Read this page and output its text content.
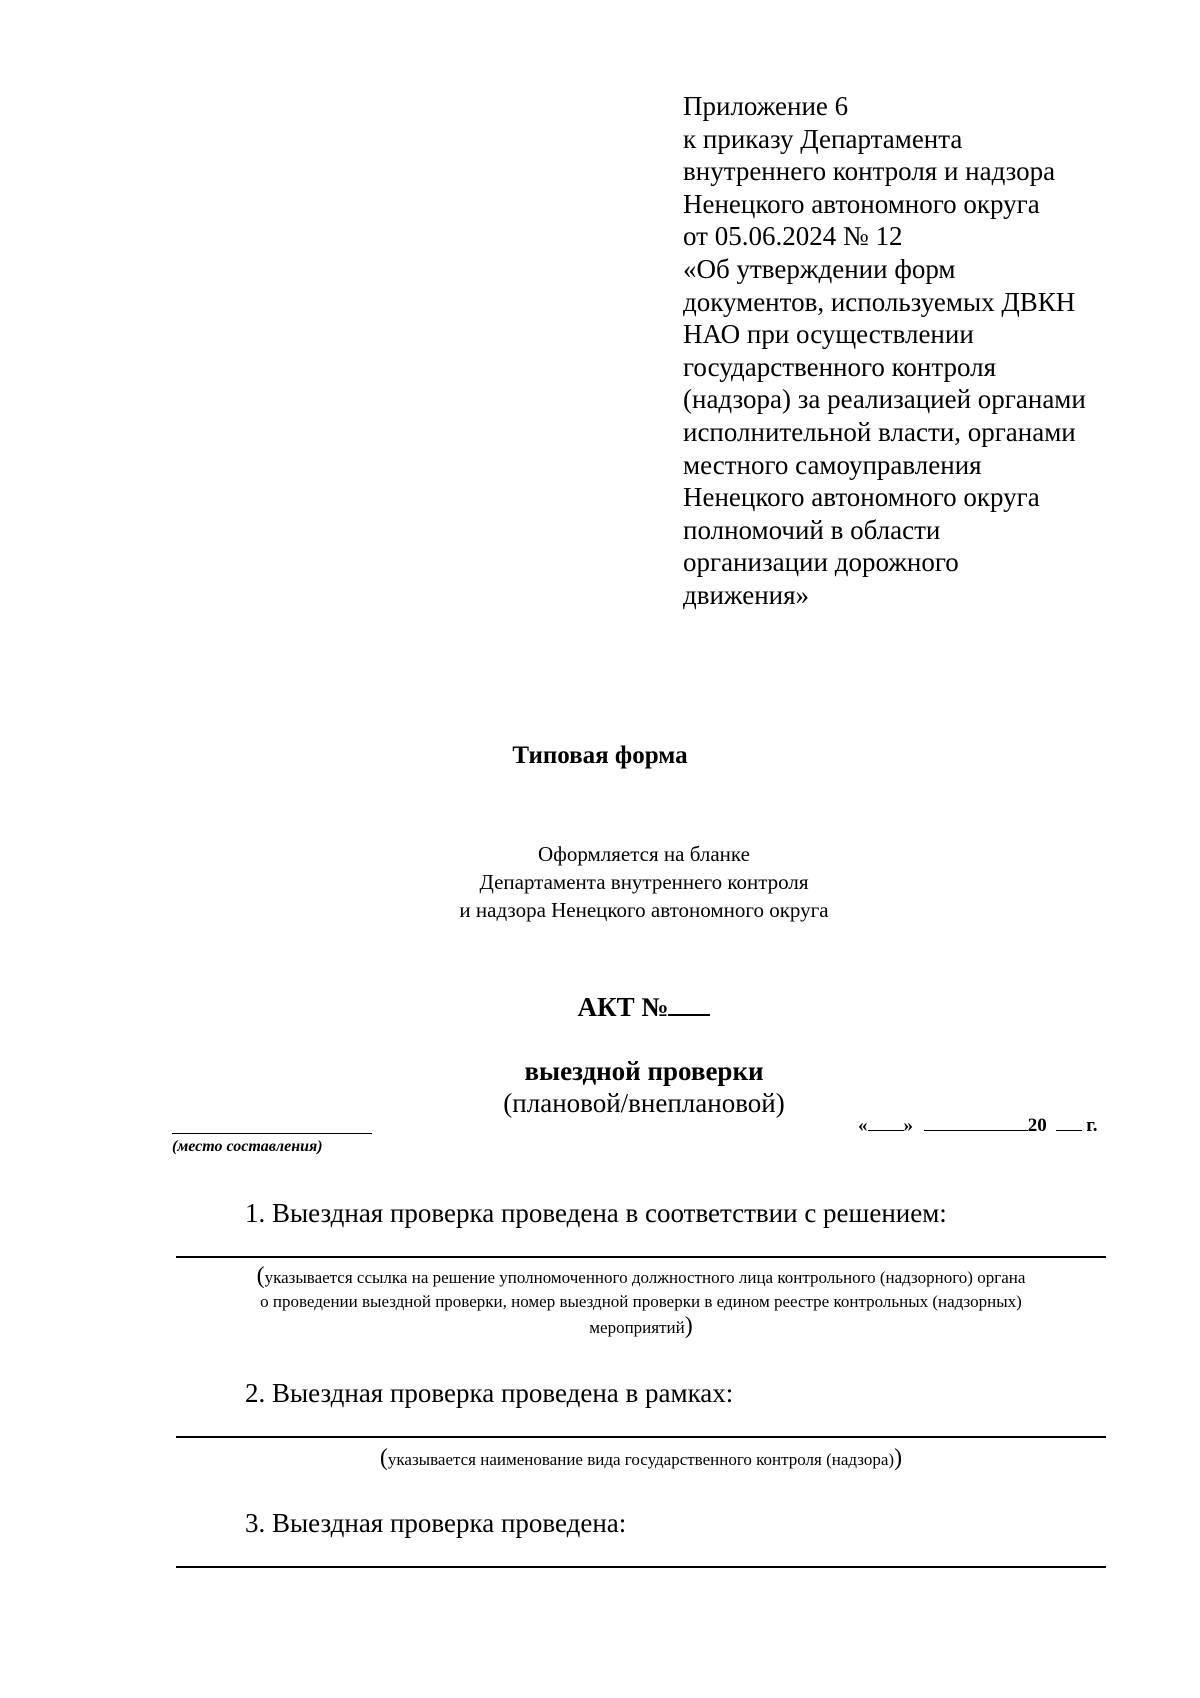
Приложение 6
к приказу Департамента
внутреннего контроля и надзора
Ненецкого автономного округа
от 05.06.2024 № 12
«Об утверждении форм
документов, используемых ДВКН
НАО при осуществлении
государственного контроля
(надзора) за реализацией органами
исполнительной власти, органами
местного самоуправления
Ненецкого автономного округа
полномочий в области
организации дорожного
движения»
Типовая форма
Оформляется на бланке
Департамента внутреннего контроля
и надзора Ненецкого автономного округа
АКТ №
выездной проверки
(плановой/внеплановой)
(место составления)
« »	20 г.
1. Выездная проверка проведена в соответствии с решением:
(указывается ссылка на решение уполномоченного должностного лица контрольного (надзорного) органа
о проведении выездной проверки, номер выездной проверки в едином реестре контрольных (надзорных)
мероприятий)
2. Выездная проверка проведена в рамках:
(указывается наименование вида государственного контроля (надзора))
3. Выездная проверка проведена:
